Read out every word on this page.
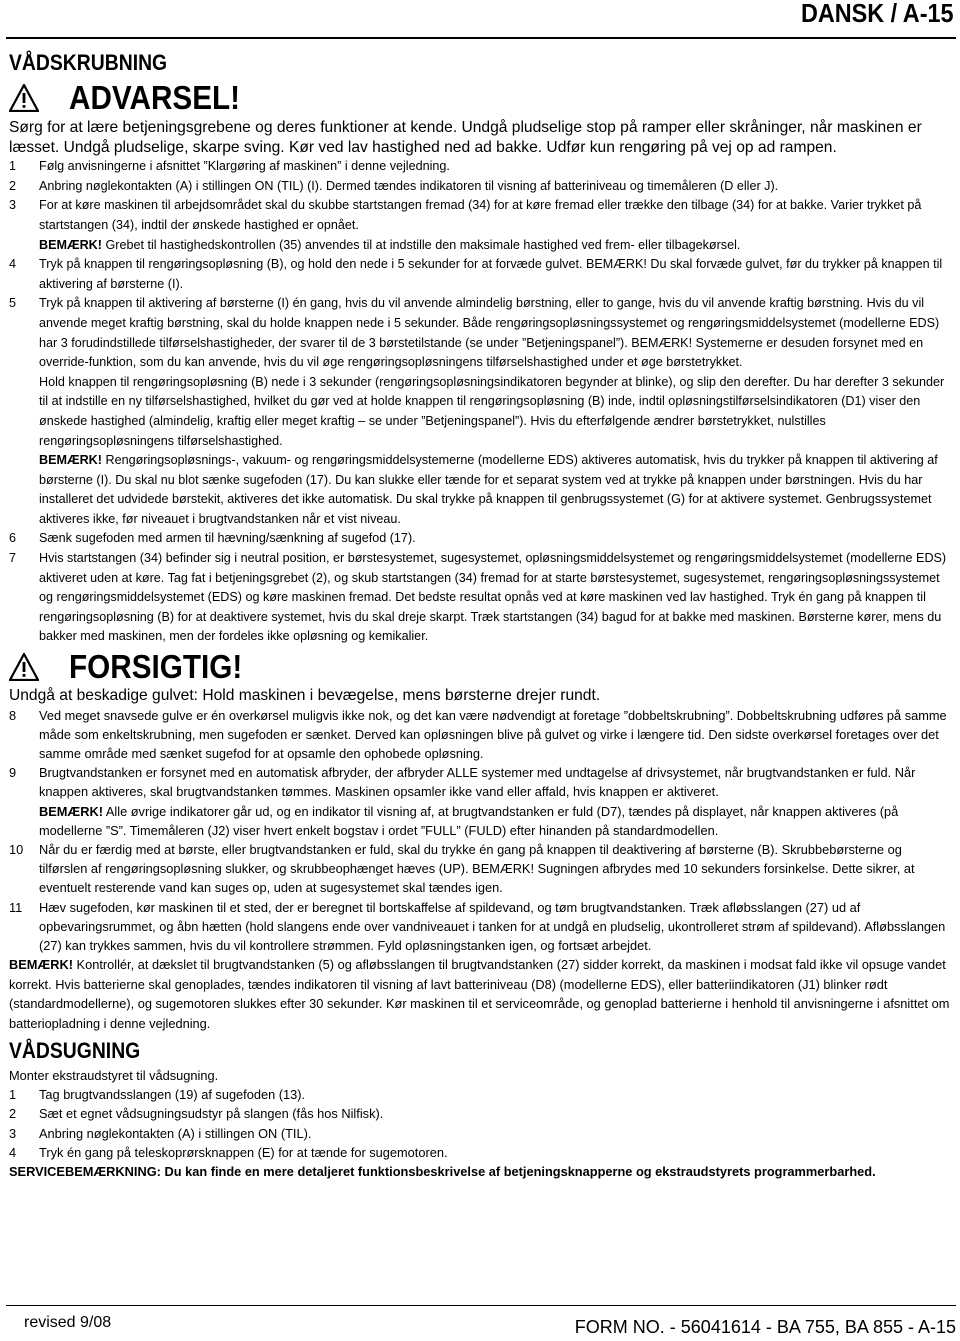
DANSK / A-15
VÅDSKRUBNING
ADVARSEL!
Sørg for at lære betjeningsgrebene og deres funktioner at kende. Undgå pludselige stop på ramper eller skråninger, når maskinen er læsset. Undgå pludselige, skarpe sving. Kør ved lav hastighed ned ad bakke. Udfør kun rengøring på vej op ad rampen.
1	Følg anvisningerne i afsnittet ”Klargøring af maskinen” i denne vejledning.
2	Anbring nøglekontakten (A) i stillingen ON (TIL) (I). Dermed tændes indikatoren til visning af batteriniveau og timemåleren (D eller J).
3	For at køre maskinen til arbejdsområdet skal du skubbe startstangen fremad (34) for at køre fremad eller trække den tilbage (34) for at bakke. Varier trykket på startstangen (34), indtil der ønskede hastighed er opnået.
BEMÆRK! Grebet til hastighedskontrollen (35) anvendes til at indstille den maksimale hastighed ved frem- eller tilbagekørsel.
4	Tryk på knappen til rengøringsopløsning (B), og hold den nede i 5 sekunder for at forvæde gulvet. BEMÆRK! Du skal forvæde gulvet, før du trykker på knappen til aktivering af børsterne (I).
5	Tryk på knappen til aktivering af børsterne (I) én gang, hvis du vil anvende almindelig børstning, eller to gange, hvis du vil anvende kraftig børstning. Hvis du vil anvende meget kraftig børstning, skal du holde knappen nede i 5 sekunder. Både rengøringsopløsningssystemet og rengøringsmiddelsystemet (modellerne EDS) har 3 forudindstillede tilførselshastigheder, der svarer til de 3 børstetilstande (se under ”Betjeningspanel”). BEMÆRK! Systemerne er desuden forsynet med en override-funktion, som du kan anvende, hvis du vil øge rengøringsopløsningens tilførselshastighed under et øge børstetrykket.
Hold knappen til rengøringsopløsning (B) nede i 3 sekunder (rengøringsopløsningsindikatoren begynder at blinke), og slip den derefter. Du har derefter 3 sekunder til at indstille en ny tilførselshastighed, hvilket du gør ved at holde knappen til rengøringsopløsning (B) inde, indtil opløsningstilførselsindikatoren (D1) viser den ønskede hastighed (almindelig, kraftig eller meget kraftig – se under ”Betjeningspanel”). Hvis du efterfølgende ændrer børstetrykket, nulstilles rengøringsopløsningens tilførselshastighed.
BEMÆRK! Rengøringsopløsnings-, vakuum- og rengøringsmiddelsystemerne (modellerne EDS) aktiveres automatisk, hvis du trykker på knappen til aktivering af børsterne (I). Du skal nu blot sænke sugefoden (17). Du kan slukke eller tænde for et separat system ved at trykke på knappen under børstningen. Hvis du har installeret det udvidede børstekit, aktiveres det ikke automatisk. Du skal trykke på knappen til genbrugssystemet (G) for at aktivere systemet. Genbrugssystemet aktiveres ikke, før niveauet i brugtvandstanken når et vist niveau.
6	Sænk sugefoden med armen til hævning/sænkning af sugefod (17).
7	Hvis startstangen (34) befinder sig i neutral position, er børstesystemet, sugesystemet, opløsningsmiddelsystemet og rengøringsmiddelsystemet (modellerne EDS) aktiveret uden at køre. Tag fat i betjeningsgrebet (2), og skub startstangen (34) fremad for at starte børstesystemet, sugesystemet, rengøringsopløsningssystemet og rengøringsmiddelsystemet (EDS) og køre maskinen fremad. Det bedste resultat opnås ved at køre maskinen ved lav hastighed. Tryk én gang på knappen til rengøringsopløsning (B) for at deaktivere systemet, hvis du skal dreje skarpt. Træk startstangen (34) bagud for at bakke med maskinen. Børsterne kører, mens du bakker med maskinen, men der fordeles ikke opløsning og kemikalier.
FORSIGTIG!
Undgå at beskadige gulvet: Hold maskinen i bevægelse, mens børsterne drejer rundt.
8	Ved meget snavsede gulve er én overkørsel muligvis ikke nok, og det kan være nødvendigt at foretage ”dobbeltskrubning”. Dobbeltskrubning udføres på samme måde som enkeltskrubning, men sugefoden er sænket. Derved kan opløsningen blive på gulvet og virke i længere tid. Den sidste overkørsel foretages over det samme område med sænket sugefod for at opsamle den ophobede opløsning.
9	Brugtvandstanken er forsynet med en automatisk afbryder, der afbryder ALLE systemer med undtagelse af drivsystemet, når brugtvandstanken er fuld. Når knappen aktiveres, skal brugtvandstanken tømmes. Maskinen opsamler ikke vand eller affald, hvis knappen er aktiveret.
BEMÆRK! Alle øvrige indikatorer går ud, og en indikator til visning af, at brugtvandstanken er fuld (D7), tændes på displayet, når knappen aktiveres (på modellerne ”S”. Timemåleren (J2) viser hvert enkelt bogstav i ordet ”FULL” (FULD) efter hinanden på standardmodellen.
10	Når du er færdig med at børste, eller brugtvandstanken er fuld, skal du trykke én gang på knappen til deaktivering af børsterne (B). Skrubbebørsterne og tilførslen af rengøringsopløsning slukker, og skrubbeophænget hæves (UP). BEMÆRK! Sugningen afbrydes med 10 sekunders forsinkelse. Dette sikrer, at eventuelt resterende vand kan suges op, uden at sugesystemet skal tændes igen.
11	Hæv sugefoden, kør maskinen til et sted, der er beregnet til bortskaffelse af spildevand, og tøm brugtvandstanken. Træk afløbsslangen (27) ud af opbevaringsrummet, og åbn hætten (hold slangens ende over vandniveauet i tanken for at undgå en pludselig, ukontrolleret strøm af spildevand). Afløbsslangen (27) kan trykkes sammen, hvis du vil kontrollere strømmen. Fyld opløsningstanken igen, og fortsæt arbejdet.
BEMÆRK! Kontrollér, at dækslet til brugtvandstanken (5) og afløbsslangen til brugtvandstanken (27) sidder korrekt, da maskinen i modsat fald ikke vil opsuge vandet korrekt. Hvis batterierne skal genoplades, tændes indikatoren til visning af lavt batteriniveau (D8) (modellerne EDS), eller batteriindikatoren (J1) blinker rødt (standardmodellerne), og sugemotoren slukkes efter 30 sekunder. Kør maskinen til et serviceområde, og genoplad batterierne i henhold til anvisningerne i afsnittet om batteriopladning i denne vejledning.
VÅDSUGNING
Monter ekstraudstyret til vådsugning.
1	Tag brugtvandsslangen (19) af sugefoden (13).
2	Sæt et egnet vådsugningsudstyr på slangen (fås hos Nilfisk).
3	Anbring nøglekontakten (A) i stillingen ON (TIL).
4	Tryk én gang på teleskoprørsknappen (E) for at tænde for sugemotoren.
SERVICEBEMÆRKNING: Du kan finde en mere detaljeret funktionsbeskrivelse af betjeningsknapperne og ekstraudstyrets programmerbarhed.
revised 9/08	FORM NO. - 56041614 - BA 755, BA 855 - A-15
